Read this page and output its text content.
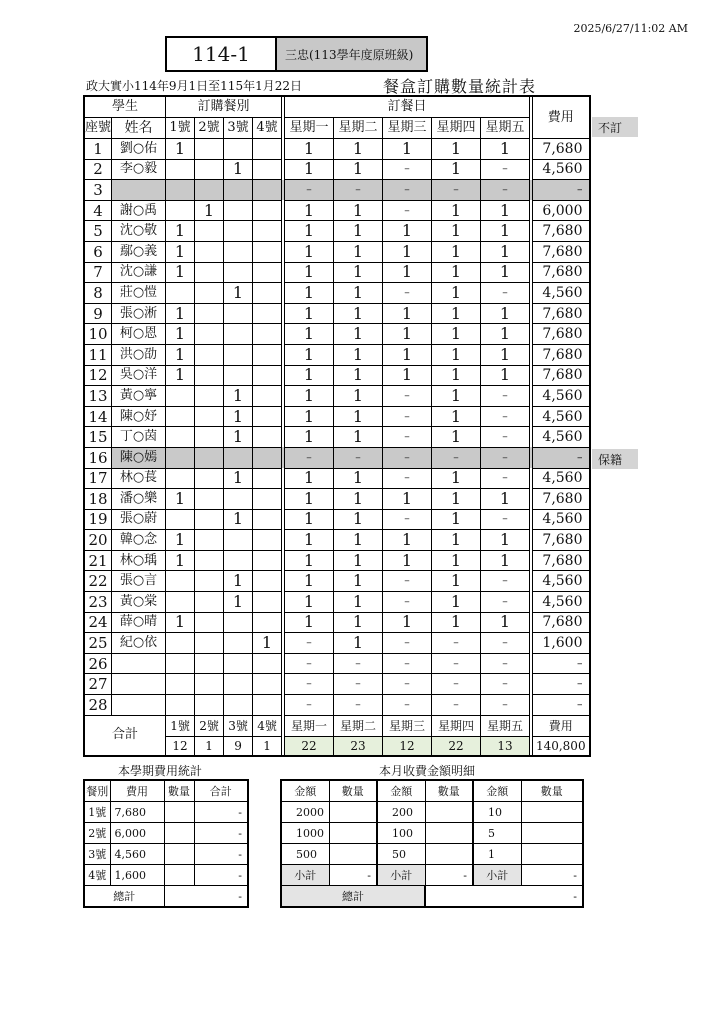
2025/6/27/11:02 AM
114-1	三忠(113學年度原班級)
政大實小114年9月1日至115年1月22日	餐盒訂購數量統計表
學生		訂購餐別					訂餐日						費用
座號	姓名	1號	2號	3號	4號		星期一	星期二	星期三	星期四	星期五		
1	劉○佑	1					1	1	1	1	1		7,680
2	李○毅			1			1	1	–	1	–		4,560
3							–	–	–	–	–		–
4	謝○禹		1				1	1	–	1	1		6,000
5	沈○敬	1					1	1	1	1	1		7,680
6	鄢○義	1					1	1	1	1	1		7,680
7	沈○謙	1					1	1	1	1	1		7,680
8	莊○愷			1			1	1	–	1	–		4,560
9	張○淅	1					1	1	1	1	1		7,680
10	柯○恩	1					1	1	1	1	1		7,680
11	洪○劭	1					1	1	1	1	1		7,680
12	吳○洋	1					1	1	1	1	1		7,680
13	黃○寧			1			1	1	–	1	–		4,560
14	陳○妤			1			1	1	–	1	–		4,560
15	丁○茵			1			1	1	–	1	–		4,560
16	陳○嫣						–	–	–	–	–		–
17	林○萇			1			1	1	–	1	–		4,560
18	潘○樂	1					1	1	1	1	1		7,680
19	張○蔚			1			1	1	–	1	–		4,560
20	韓○念	1					1	1	1	1	1		7,680
21	林○瑀	1					1	1	1	1	1		7,680
22	張○言			1			1	1	–	1	–		4,560
23	黃○棠			1			1	1	–	1	–		4,560
24	薛○晴	1					1	1	1	1	1		7,680
25	紀○依				1		–	1	–	–	–		1,600
26							–	–	–	–	–		–
27							–	–	–	–	–		–
28							–	–	–	–	–		–
合計		1號	2號	3號	4號		星期一	星期二	星期三	星期四	星期五		費用
		12	1	9	1		22	23	12	22	13		140,800
不訂
保籍
本學期費用統計	本月收費金額明細
餐別	費用	數量	合計
1號	7,680		-
2號	6,000		-
3號	4,560		-
4號	1,600		-
總計		-	
金額	數量	金額	數量	金額	數量
2000		200		10	
1000		100		5	
500		50		1	
小計	-	小計	-	小計	-
總計			-		
